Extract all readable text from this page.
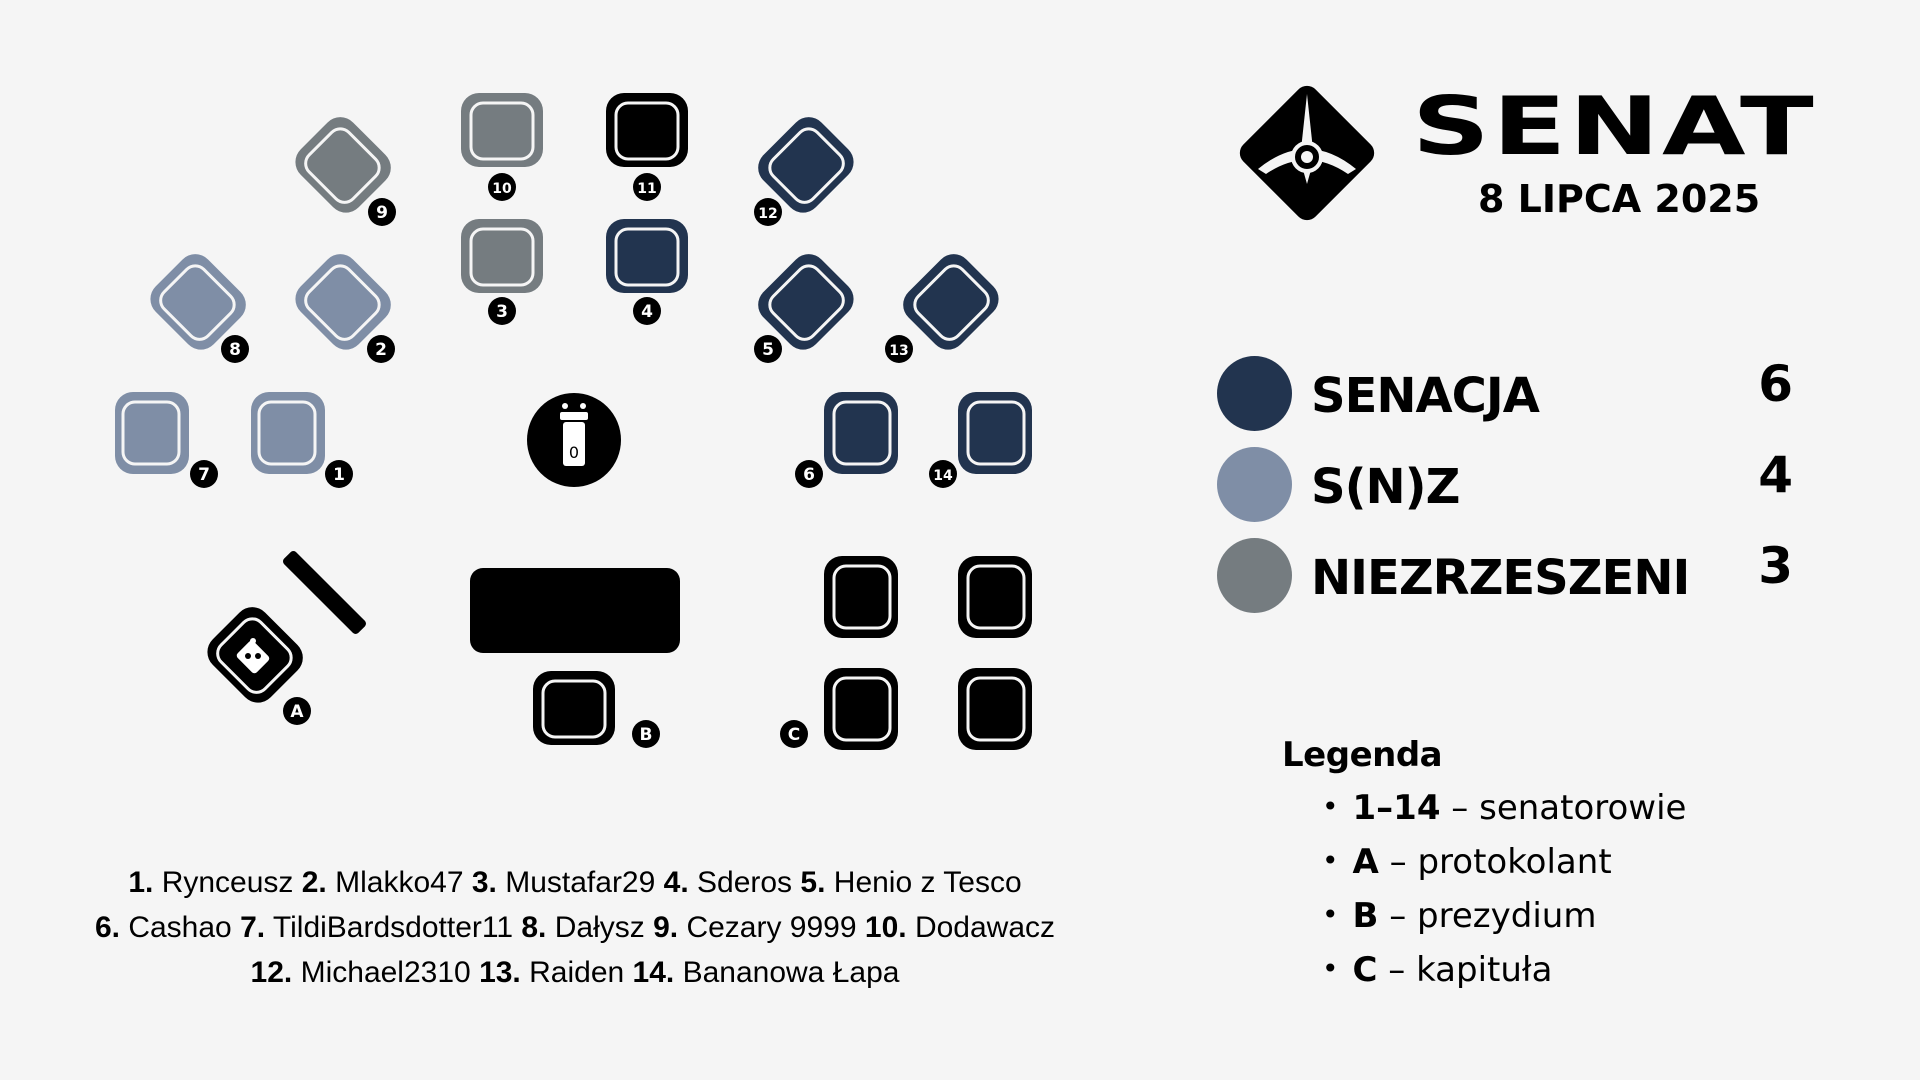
1
2
3	4
5
6
7
8
9
10	11
12
13
14
A
B	C
0
SENAT
8 LIPCA 2025
SENACJA	6
S(N)Z	4
NIEZRZESZENI 3
Legenda
• 1–14 – senatorowie
• A – protokolant
• B – prezydium
• C – kapituła
1. Rynceusz 2. Mlakko47 3. Mustafar29 4. Sderos 5. Henio z Tesco
6. Cashao 7. TildiBardsdotter11 8. Dałysz 9. Cezary 9999 10. Dodawacz
12. Michael2310 13. Raiden 14. Bananowa Łapa
